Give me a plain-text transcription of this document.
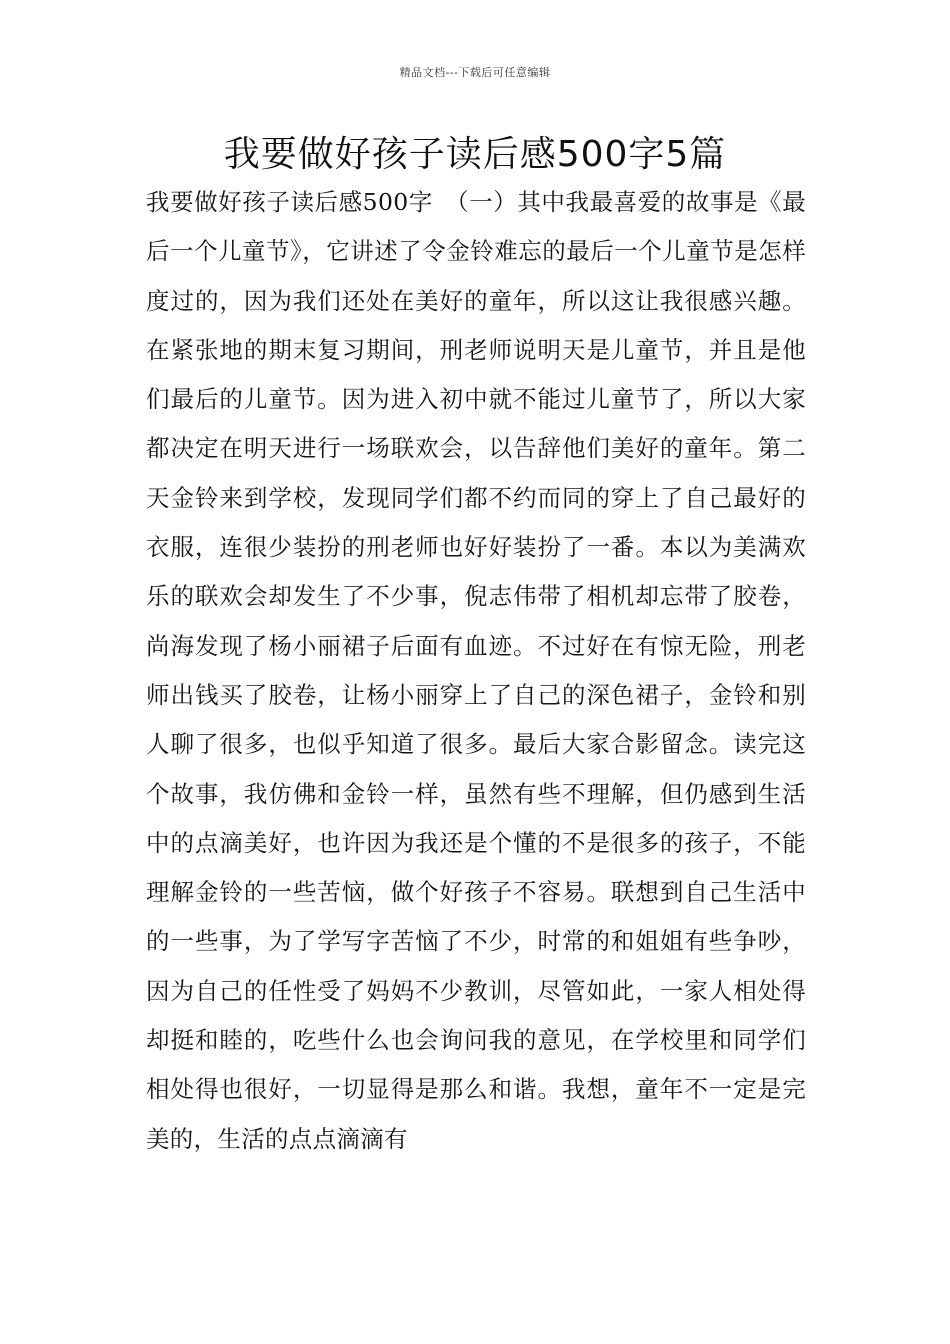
精品文档---下载后可任意编辑
我要做好孩子读后感500字5篇

我要做好孩子读后感500字　（一）其中我最喜爱的故事是《最后一个儿童节》，它讲述了令金铃难忘的最后一个儿童节是怎样度过的，因为我们还处在美好的童年，所以这让我很感兴趣。在紧张地的期末复习期间，刑老师说明天是儿童节，并且是他们最后的儿童节。因为进入初中就不能过儿童节了，所以大家都决定在明天进行一场联欢会，以告辞他们美好的童年。第二天金铃来到学校，发现同学们都不约而同的穿上了自己最好的衣服，连很少装扮的刑老师也好好装扮了一番。本以为美满欢乐的联欢会却发生了不少事，倪志伟带了相机却忘带了胶卷，尚海发现了杨小丽裙子后面有血迹。不过好在有惊无险，刑老师出钱买了胶卷，让杨小丽穿上了自己的深色裙子，金铃和别人聊了很多，也似乎知道了很多。最后大家合影留念。读完这个故事，我仿佛和金铃一样，虽然有些不理解，但仍感到生活中的点滴美好，也许因为我还是个懂的不是很多的孩子，不能理解金铃的一些苦恼，做个好孩子不容易。联想到自己生活中的一些事，为了学写字苦恼了不少，时常的和姐姐有些争吵，因为自己的任性受了妈妈不少教训，尽管如此，一家人相处得却挺和睦的，吃些什么也会询问我的意见，在学校里和同学们相处得也很好，一切显得是那么和谐。我想，童年不一定是完美的，生活的点点滴滴有
